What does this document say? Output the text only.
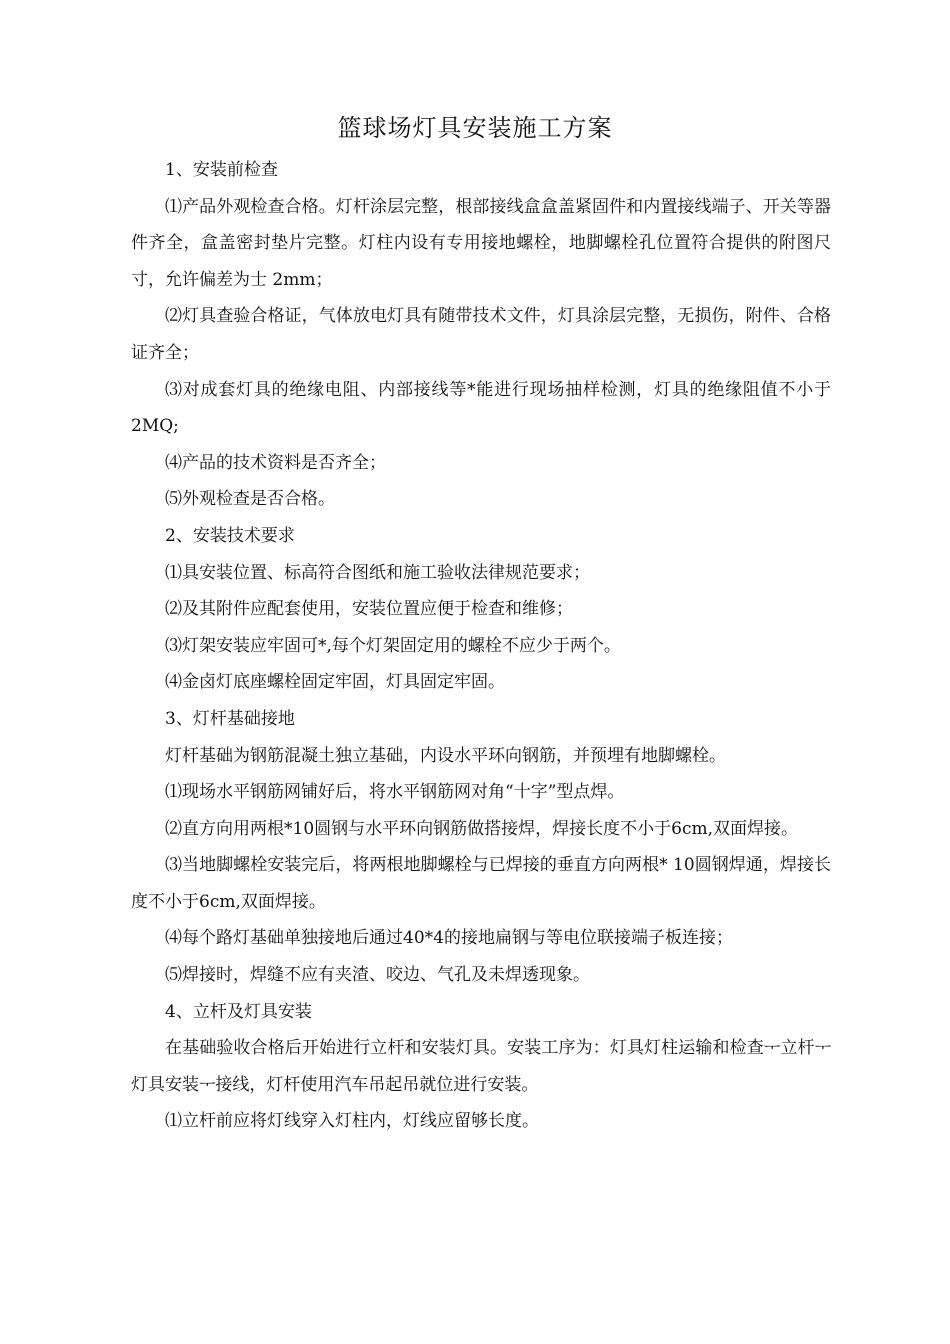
篮球场灯具安装施工方案

1、安装前检查

⑴产品外观检查合格。灯杆涂层完整，根部接线盒盒盖紧固件和内置接线端子、开关等器件齐全，盒盖密封垫片完整。灯柱内设有专用接地螺栓，地脚螺栓孔位置符合提供的附图尺寸，允许偏差为士 2mm；

⑵灯具查验合格证，气体放电灯具有随带技术文件，灯具涂层完整，无损伤，附件、合格证齐全；

⑶对成套灯具的绝缘电阻、内部接线等*能进行现场抽样检测，灯具的绝缘阻值不小于2MQ;

⑷产品的技术资料是否齐全；

⑸外观检查是否合格。

2、安装技术要求

⑴具安装位置、标高符合图纸和施工验收法律规范要求；

⑵及其附件应配套使用，安装位置应便于检查和维修；

⑶灯架安装应牢固可*,每个灯架固定用的螺栓不应少于两个。

⑷金卤灯底座螺栓固定牢固，灯具固定牢固。

3、灯杆基础接地

灯杆基础为钢筋混凝土独立基础，内设水平环向钢筋，并预埋有地脚螺栓。

⑴现场水平钢筋网铺好后，将水平钢筋网对角“十字”型点焊。

⑵直方向用两根*10圆钢与水平环向钢筋做搭接焊，焊接长度不小于6cm,双面焊接。

⑶当地脚螺栓安装完后，将两根地脚螺栓与已焊接的垂直方向两根* 10圆钢焊通，焊接长度不小于6cm,双面焊接。

⑷每个路灯基础单独接地后通过40*4的接地扁钢与等电位联接端子板连接；

⑸焊接时，焊缝不应有夹渣、咬边、气孔及未焊透现象。

4、立杆及灯具安装

在基础验收合格后开始进行立杆和安装灯具。安装工序为：灯具灯柱运输和检查ᅮ立杆ᅮ灯具安装ᅮ接线，灯杆使用汽车吊起吊就位进行安装。

⑴立杆前应将灯线穿入灯柱内，灯线应留够长度。
